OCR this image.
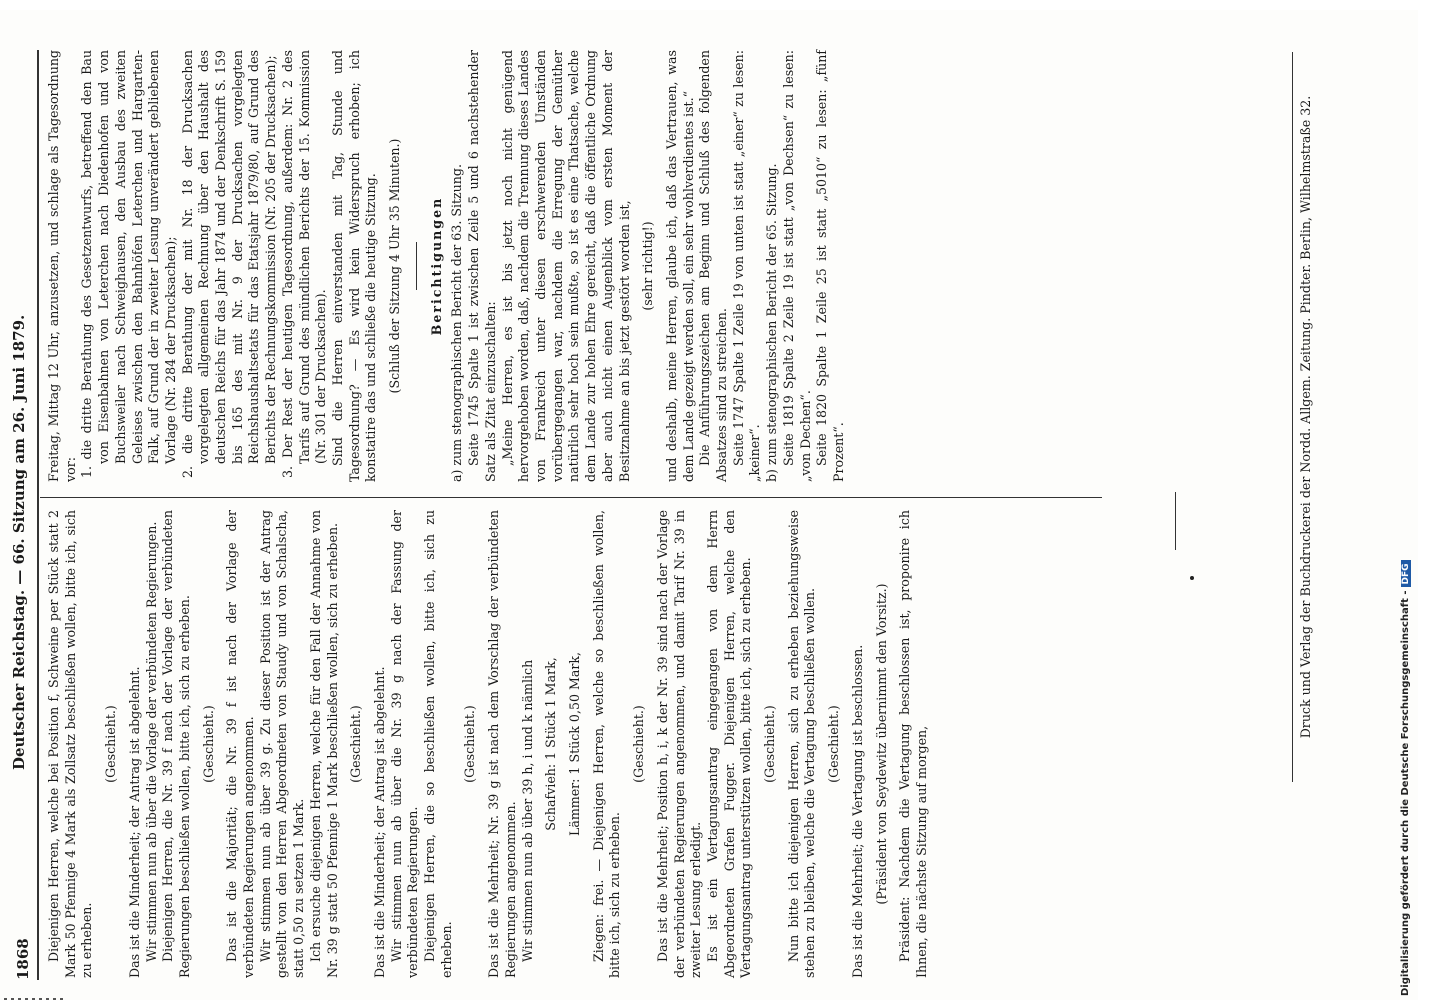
1868
Deutscher Reichstag. — 66. Sitzung am 26. Juni 1879. Diejenigen Herren, welche bei Position f, Schweine per Stück statt 2 Mark 50 Pfennige 4 Mark als Zollsatz beschließen wollen, bitte ich, sich zu erheben.

(Geschieht.) Das ist die Minderheit; der Antrag ist abgelehnt. Wir stimmen nun ab über die Vorlage der verbündeten Regierungen. Diejenigen Herren, die Nr. 39 f nach der Vorlage der verbündeten Regierungen beschließen wollen, bitte ich, sich zu erheben. (Geschieht.) Das ist die Majorität; die Nr. 39 f ist nach der Vorlage der verbündeten Regierungen angenommen. Wir stimmen nun ab über 39 g. Zu dieser Position ist der Antrag gestellt von den Herren Abgeordneten von Staudy und von Schalscha, statt 0,50 zu setzen 1 Mark. Ich ersuche diejenigen Herren, welche für den Fall der Annahme von Nr. 39 g statt 50 Pfennige 1 Mark beschließen wollen, sich zu erheben. (Geschieht.) Das ist die Minderheit; der Antrag ist abgelehnt. Wir stimmen nun ab über die Nr. 39 g nach der Fassung der verbündeten Regierungen. Diejenigen Herren, die so beschließen wollen, bitte ich, sich zu erheben.

(Geschieht.) Das ist die Mehrheit; Nr. 39 g ist nach dem Vorschlag der verbündeten Regierungen angenommen. Wir stimmen nun ab über 39 h, i und k nämlich Schafvieh: 1 Stück 1 Mark, Lämmer: 1 Stück 0,50 Mark, Ziegen: frei. — Diejenigen Herren, welche so beschließen wollen, bitte ich, sich zu erheben.

(Geschieht.) Das ist die Mehrheit; Position h, i, k der Nr. 39 sind nach der Vorlage der verbündeten Regierungen angenommen, und damit Tarif Nr. 39 in zweiter Lesung erledigt. Es ist ein Vertagungsantrag eingegangen von dem Herrn Abgeordneten Grafen Fugger. Diejenigen Herren, welche den Vertagungsantrag unterstützen wollen, bitte ich, sich zu erheben. (Geschieht.) Nun bitte ich diejenigen Herren, sich zu erheben beziehungsweise stehen zu bleiben, welche die Vertagung beschließen wollen. (Geschieht.) Das ist die Mehrheit; die Vertagung ist beschlossen. (Präsident von Seydewitz übernimmt den Vorsitz.) Präsident: Nachdem die Vertagung beschlossen ist, proponire ich Ihnen, die nächste Sitzung auf morgen,

Freitag, Mittag 12 Uhr, anzusetzen, und schlage als Tagesordnung vor: 1. die dritte Berathung des Gesetzentwurfs, betreffend den Bau von Eisenbahnen von Leterchen nach Diedenhofen und von Buchsweiler nach Schweighausen, den Ausbau des zweiten Geleises zwischen den Bahnhöfen Leterchen und Hargarten-Falk, auf Grund der in zweiter Lesung unverändert gebliebenen Vorlage (Nr. 284 der Drucksachen); 2. die dritte Berathung der mit Nr. 18 der Drucksachen vorgelegten allgemeinen Rechnung über den Haushalt des deutschen Reichs für das Jahr 1874 und der Denkschrift S. 159 bis 165 des mit Nr. 9 der Drucksachen vorgelegten Reichshaushaltsetats für das Etatsjahr 1879/80, auf Grund des Berichts der Rechnungskommission (Nr. 205 der Drucksachen); 3. Der Rest der heutigen Tagesordnung, außerdem: Nr. 2 des Tarifs auf Grund des mündlichen Berichts der 15. Kommission (Nr. 301 der Drucksachen). Sind die Herren einverstanden mit Tag, Stunde und Tagesordnung? — Es wird kein Widerspruch erhoben; ich konstatire das und schließe die heutige Sitzung. (Schluß der Sitzung 4 Uhr 35 Minuten.) Berichtigungen a) zum stenographischen Bericht der 63. Sitzung. Seite 1745 Spalte 1 ist zwischen Zeile 5 und 6 nachstehender Satz als Zitat einzuschalten: „Meine Herren, es ist bis jetzt noch nicht genügend hervorgehoben worden, daß, nachdem die Trennung dieses Landes von Frankreich unter diesen erschwerenden Umständen vorübergegangen war, nachdem die Erregung der Gemüther natürlich sehr hoch sein mußte, so ist es eine Thatsache, welche dem Lande zur hohen Ehre gereicht, daß die öffentliche Ordnung aber auch nicht einen Augenblick vom ersten Moment der Besitznahme an bis jetzt gestört worden ist, (sehr richtig!) und deshalb, meine Herren, glaube ich, daß das Vertrauen, was dem Lande gezeigt werden soll, ein sehr wohlverdientes ist.“ Die Anführungszeichen am Beginn und Schluß des folgenden Absatzes sind zu streichen. Seite 1747 Spalte 1 Zeile 19 von unten ist statt „einer“ zu lesen: „keiner“. b) zum stenographischen Bericht der 65. Sitzung. Seite 1819 Spalte 2 Zeile 19 ist statt „von Dechsen“ zu lesen: „von Dechen“. Seite 1820 Spalte 1 Zeile 25 ist statt „5010“ zu lesen: „fünf Prozent“.	Druck und Verlag der Buchdruckerei der Nordd. Allgem. Zeitung. Pindter. Berlin, Wilhelmstraße 32.
Digitalisierung gefördert durch die Deutsche Forschungsgemeinschaft -DFG
